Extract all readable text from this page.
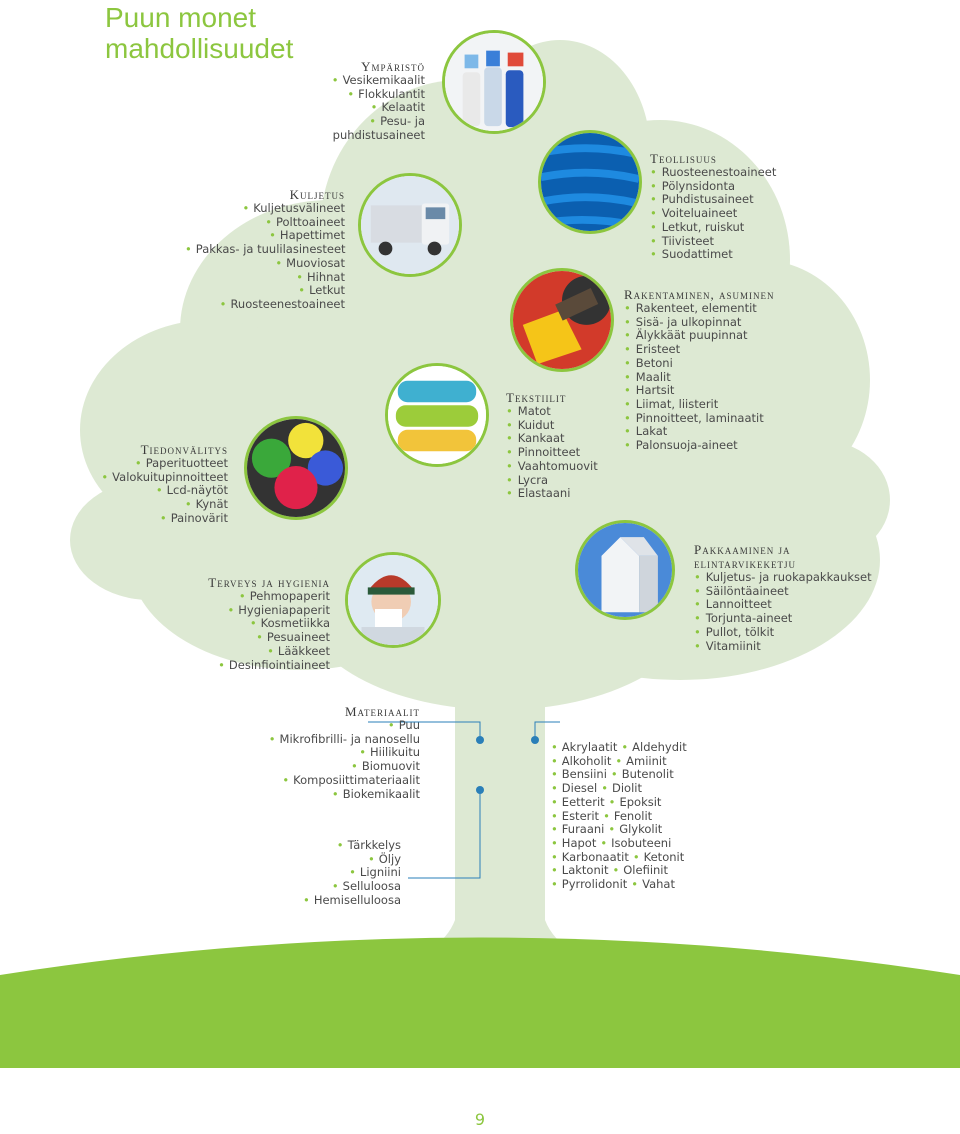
Puun monet
mahdollisuudet
Ympäristö
• Vesikemikaalit
• Flokkulantit
• Kelaatit
• Pesu- ja
puhdistusaineet
Kuljetus
• Kuljetusvälineet
• Polttoaineet
• Hapettimet
• Pakkas- ja tuulilasinesteet
• Muoviosat
• Hihnat
• Letkut
• Ruosteenestoaineet
Tiedonvälitys
• Paperituotteet
• Valokuitupinnoitteet
• Lcd-näytöt
• Kynät
• Painovärit
Teollisuus
• Ruosteenestoaineet
• Pölynsidonta
• Puhdistusaineet
• Voiteluaineet
• Letkut, ruiskut
• Tiivisteet
• Suodattimet
Rakentaminen, asuminen
• Rakenteet, elementit
• Sisä- ja ulkopinnat
• Älykkäät puupinnat
• Eristeet
• Betoni
• Maalit
• Hartsit
• Liimat, liisterit
• Pinnoitteet, laminaatit
• Lakat
• Palonsuoja-aineet
Tekstiilit
• Matot
• Kuidut
• Kankaat
• Pinnoitteet
• Vaahtomuovit
• Lycra
• Elastaani
Terveys ja hygienia
• Pehmopaperit
• Hygieniapaperit
• Kosmetiikka
• Pesuaineet
• Lääkkeet
• Desinfiointiaineet
Pakkaaminen ja
elintarvikeketju
• Kuljetus- ja ruokapakkaukset
• Säilöntäaineet
• Lannoitteet
• Torjunta-aineet
• Pullot, tölkit
• Vitamiinit
Materiaalit
• Puu
• Mikrofibrilli- ja nanosellu
• Hiilikuitu
• Biomuovit
• Komposiittimateriaalit
• Biokemikaalit
• Tärkkelys
• Öljy
• Ligniini
• Selluloosa
• Hemiselluloosa
• Akrylaatit • Aldehydit
• Alkoholit • Amiinit
• Bensiini • Butenolit
• Diesel • Diolit
• Eetterit • Epoksit
• Esterit • Fenolit
• Furaani • Glykolit
• Hapot • Isobuteeni
• Karbonaatit • Ketonit
• Laktonit • Olefiinit
• Pyrrolidonit • Vahat
9
